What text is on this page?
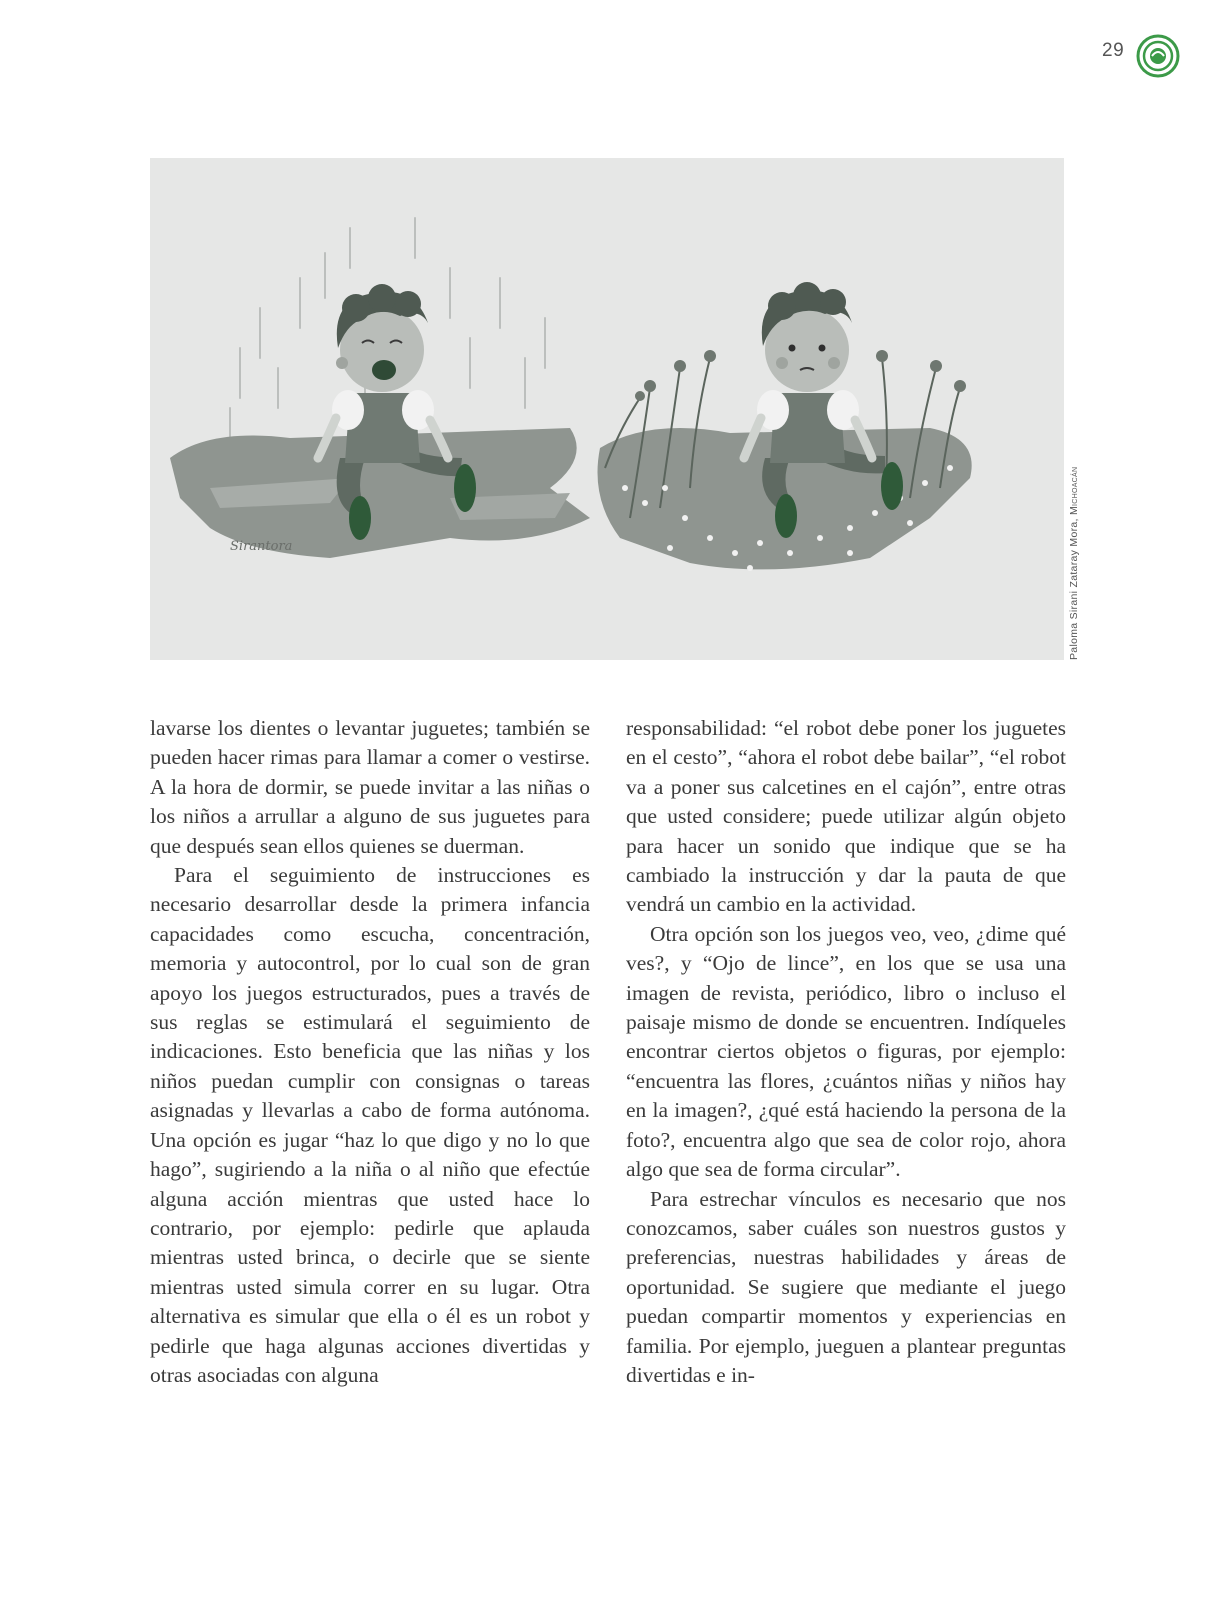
29
Sirantora	Paloma Sirani Zataray Mora, Michoacán

lavarse los dientes o levantar juguetes; también se pueden hacer rimas para llamar a comer o vestirse. A la hora de dormir, se puede invitar a las niñas o los niños a arrullar a alguno de sus juguetes para que después sean ellos quienes se duerman.

Para el seguimiento de instrucciones es necesario desarrollar desde la primera infancia capacidades como escucha, concentración, memoria y autocontrol, por lo cual son de gran apoyo los juegos estructurados, pues a través de sus reglas se estimulará el seguimiento de indicaciones. Esto beneficia que las niñas y los niños puedan cumplir con consignas o tareas asignadas y llevarlas a cabo de forma autónoma. Una opción es jugar “haz lo que digo y no lo que hago”, sugiriendo a la niña o al niño que efectúe alguna acción mientras que usted hace lo contrario, por ejemplo: pedirle que aplauda mientras usted brinca, o decirle que se siente mientras usted simula correr en su lugar. Otra alternativa es simular que ella o él es un robot y pedirle que haga algunas acciones divertidas y otras asociadas con alguna

responsabilidad: “el robot debe poner los juguetes en el cesto”, “ahora el robot debe bailar”, “el robot va a poner sus calcetines en el cajón”, entre otras que usted considere; puede utilizar algún objeto para hacer un sonido que indique que se ha cambiado la instrucción y dar la pauta de que vendrá un cambio en la actividad.

Otra opción son los juegos veo, veo, ¿dime qué ves?, y “Ojo de lince”, en los que se usa una imagen de revista, periódico, libro o incluso el paisaje mismo de donde se encuentren. Indíqueles encontrar ciertos objetos o figuras, por ejemplo: “encuentra las flores, ¿cuántos niñas y niños hay en la imagen?, ¿qué está haciendo la persona de la foto?, encuentra algo que sea de color rojo, ahora algo que sea de forma circular”.

Para estrechar vínculos es necesario que nos conozcamos, saber cuáles son nuestros gustos y preferencias, nuestras habilidades y áreas de oportunidad. Se sugiere que mediante el juego puedan compartir momentos y experiencias en familia. Por ejemplo, jueguen a plantear preguntas divertidas e in-
